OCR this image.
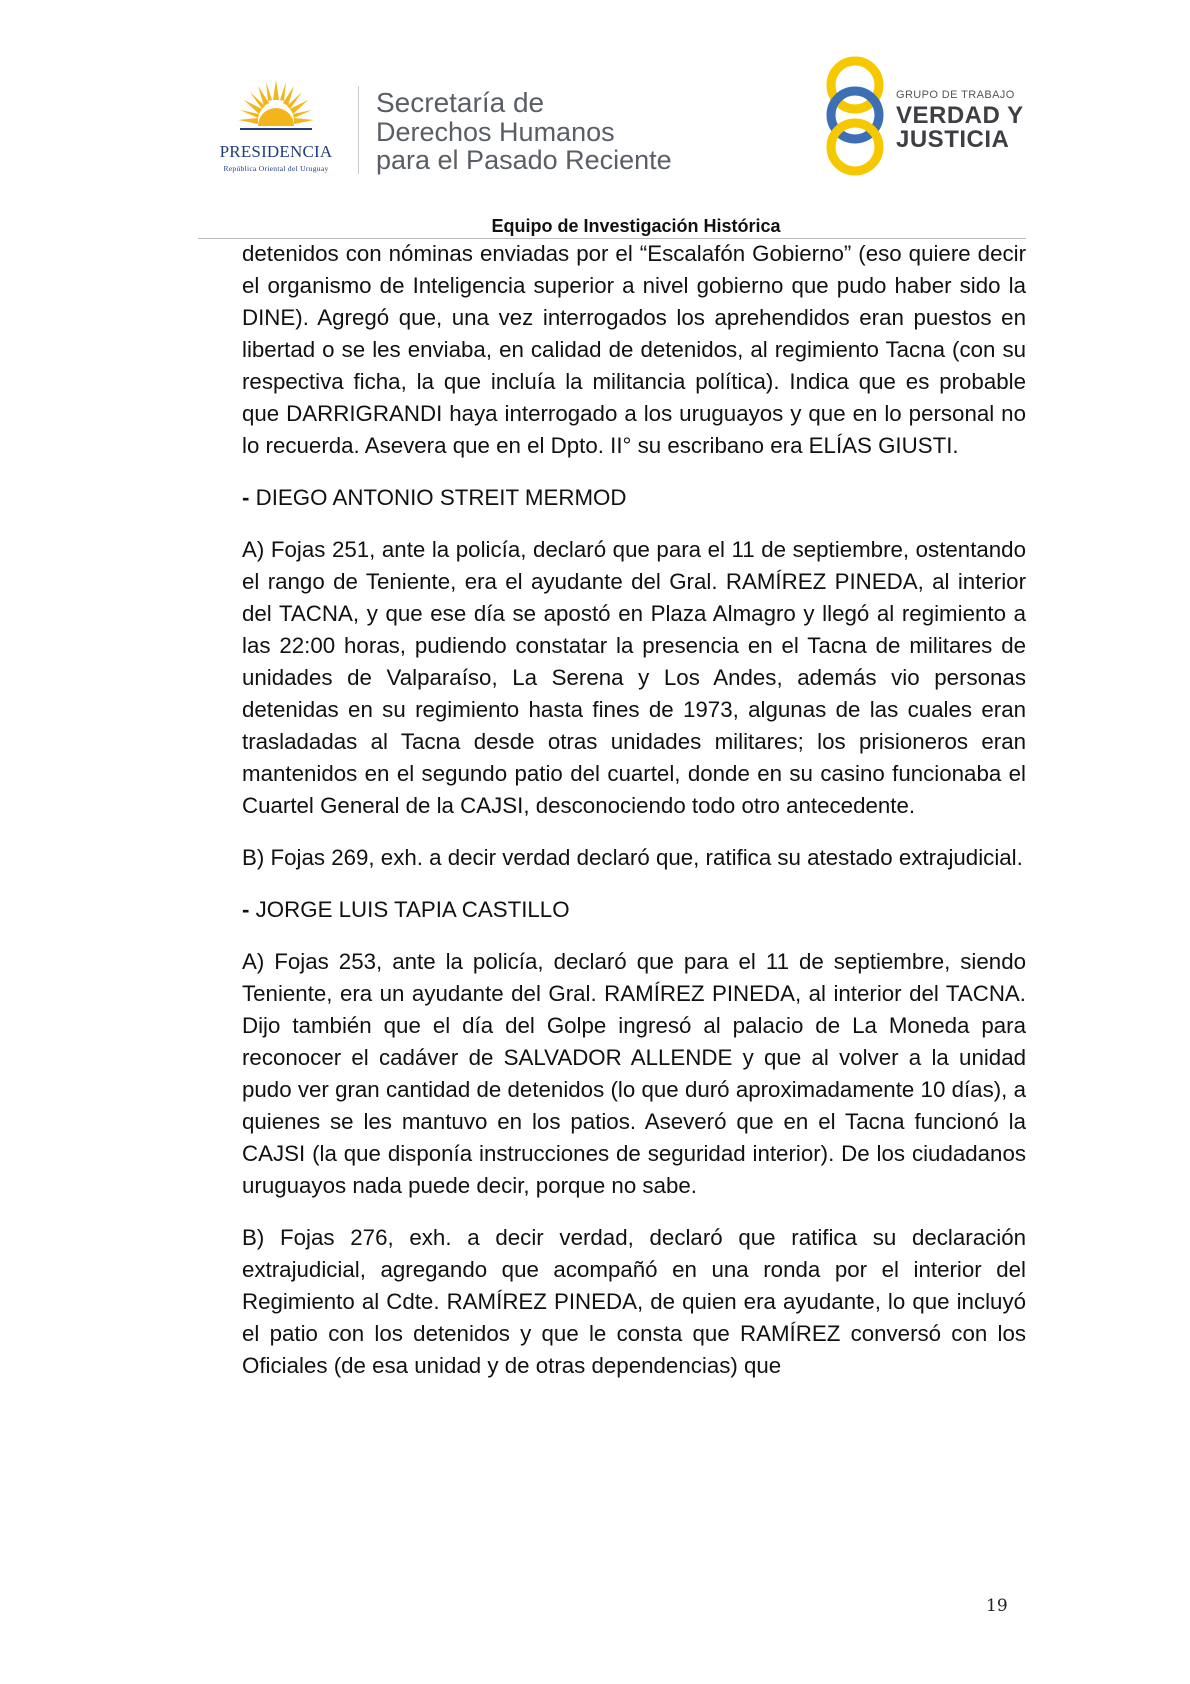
PRESIDENCIA
República Oriental del Uruguay
Secretaría de
Derechos Humanos
para el Pasado Reciente
GRUPO DE TRABAJO
VERDAD Y
JUSTICIA
Equipo de Investigación Histórica

detenidos con nóminas enviadas por el “Escalafón Gobierno” (eso quiere decir el organismo de Inteligencia superior a nivel gobierno que pudo haber sido la DINE). Agregó que, una vez interrogados los aprehendidos eran puestos en libertad o se les enviaba, en calidad de detenidos, al regimiento Tacna (con su respectiva ficha, la que incluía la militancia política). Indica que es probable que DARRIGRANDI haya interrogado a los uruguayos y que en lo personal no lo recuerda. Asevera que en el Dpto. II° su escribano era ELÍAS GIUSTI.

- DIEGO ANTONIO STREIT MERMOD

A) Fojas 251, ante la policía, declaró que para el 11 de septiembre, ostentando el rango de Teniente, era el ayudante del Gral. RAMÍREZ PINEDA, al interior del TACNA, y que ese día se apostó en Plaza Almagro y llegó al regimiento a las 22:00 horas, pudiendo constatar la presencia en el Tacna de militares de unidades de Valparaíso, La Serena y Los Andes, además vio personas detenidas en su regimiento hasta fines de 1973, algunas de las cuales eran trasladadas al Tacna desde otras unidades militares; los prisioneros eran mantenidos en el segundo patio del cuartel, donde en su casino funcionaba el Cuartel General de la CAJSI, desconociendo todo otro antecedente.

B) Fojas 269, exh. a decir verdad declaró que, ratifica su atestado extrajudicial.

- JORGE LUIS TAPIA CASTILLO

A) Fojas 253, ante la policía, declaró que para el 11 de septiembre, siendo Teniente, era un ayudante del Gral. RAMÍREZ PINEDA, al interior del TACNA. Dijo también que el día del Golpe ingresó al palacio de La Moneda para reconocer el cadáver de SALVADOR ALLENDE y que al volver a la unidad pudo ver gran cantidad de detenidos (lo que duró aproximadamente 10 días), a quienes se les mantuvo en los patios. Aseveró que en el Tacna funcionó la CAJSI (la que disponía instrucciones de seguridad interior). De los ciudadanos uruguayos nada puede decir, porque no sabe.

B) Fojas 276, exh. a decir verdad, declaró que ratifica su declaración extrajudicial, agregando que acompañó en una ronda por el interior del Regimiento al Cdte. RAMÍREZ PINEDA, de quien era ayudante, lo que incluyó el patio con los detenidos y que le consta que RAMÍREZ conversó con los Oficiales (de esa unidad y de otras dependencias) que

19
